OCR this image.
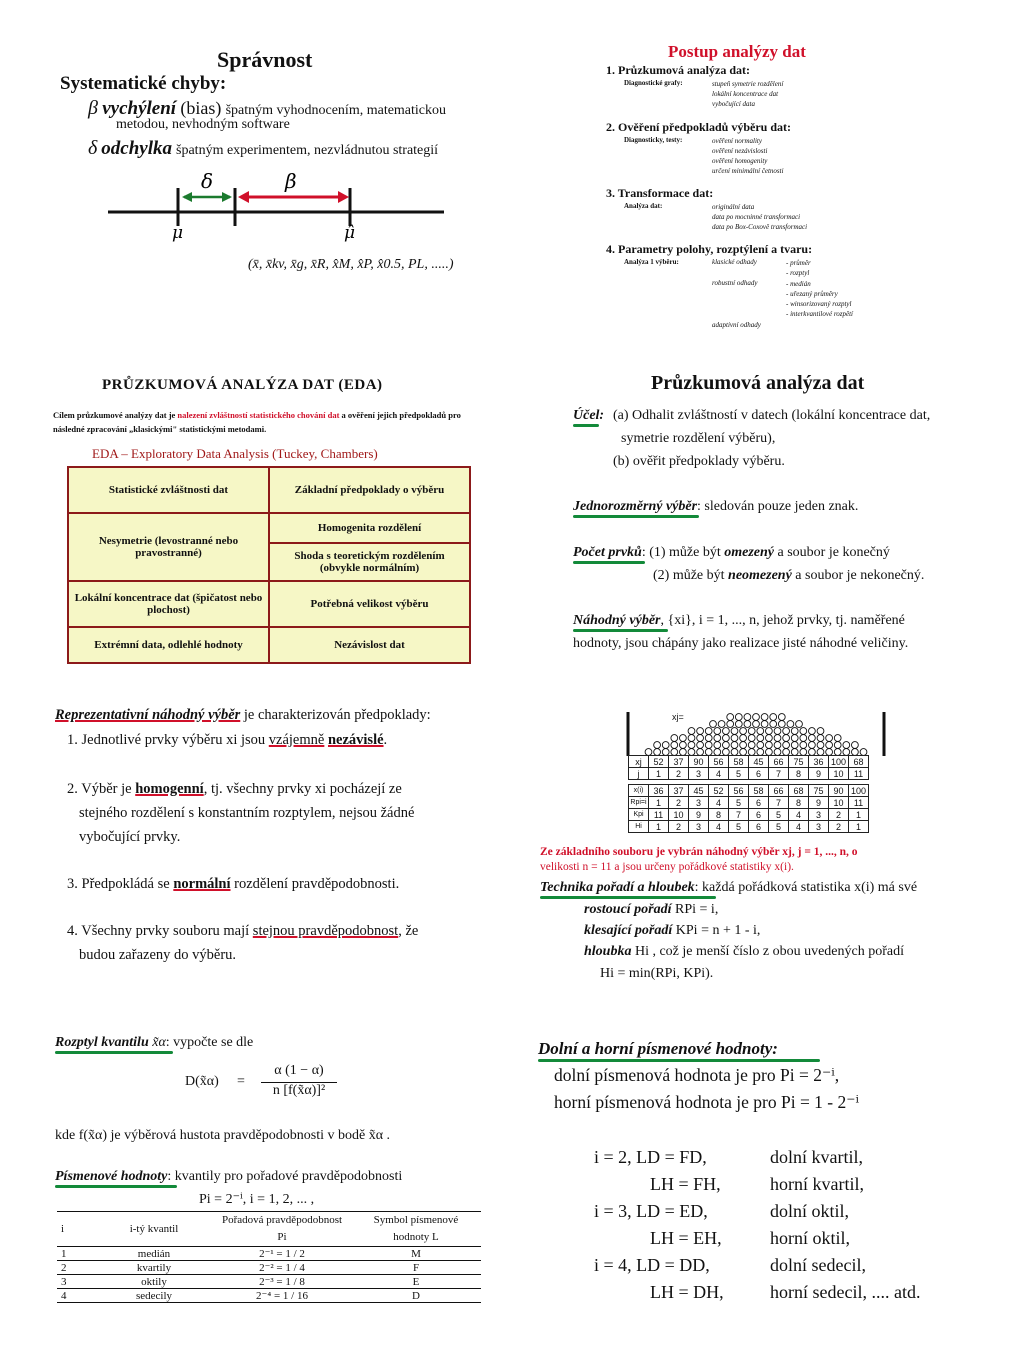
Správnost
Systematické chyby:
β vychýlení (bias) špatným vyhodnocením, matematickou
metodou, nevhodným software
δ odchylka špatným experimentem, nezvládnutou strategií
δ	β
μ	μ̂
(x̄, x̄kv, x̄g, x̄R, x̂M, x̂P, x̂0.5, PL, .....)
Postup analýzy dat
1. Průzkumová analýza dat:
Diagnostické grafy:	stupeň symetrie rozdělení
lokální koncentrace dat
vybočující data
2. Ověření předpokladů výběru dat:
Diagnosticky, testy:	ověření normality
ověření nezávislosti
ověření homogenity
určení minimální četnosti
3. Transformace dat:
Analýza dat:	originální data
data po mocninné transformaci
data po Box-Coxově transformaci
4. Parametry polohy, rozptýlení a tvaru:
Analýza 1 výběru:	klasické odhady	- průměr
- rozptyl
robustní odhady	- medián
- uřezaný průměry
- winsorizovaný rozptyl
- interkvantilové rozpětí
adaptivní odhady
PRŮZKUMOVÁ ANALÝZA DAT (EDA)
Cílem průzkumové analýzy dat je nalezení zvláštností statistického chování dat a ověření jejich předpokladů pro následné zpracování „klasickými" statistickými metodami.
EDA – Exploratory Data Analysis (Tuckey, Chambers)
Statistické zvláštnosti dat	Základní předpoklady o výběru
Nesymetrie (levostranné nebo pravostranné)	Homogenita rozdělení
	Shoda s teoretickým rozdělením (obvykle normálním)
Lokální koncentrace dat (špičatost nebo plochost)	Potřebná velikost výběru
Extrémní data, odlehlé hodnoty	Nezávislost dat
Průzkumová analýza dat
Účel: (a) Odhalit zvláštností v datech (lokální koncentrace dat,
symetrie rozdělení výběru),
(b) ověřit předpoklady výběru.
Jednorozměrný výběr: sledován pouze jeden znak.
Počet prvků: (1) může být omezený a soubor je konečný
(2) může být neomezený a soubor je nekonečný.
Náhodný výběr, {xi}, i = 1, ..., n, jehož prvky, tj. naměřené
hodnoty, jsou chápány jako realizace jisté náhodné veličiny.
Reprezentativní náhodný výběr je charakterizován předpoklady:
1. Jednotlivé prvky výběru xi jsou vzájemně nezávislé.
2. Výběr je homogenní, tj. všechny prvky xi pocházejí ze
stejného rozdělení s konstantním rozptylem, nejsou žádné
vybočující prvky.
3. Předpokládá se normální rozdělení pravděpodobnosti.
4. Všechny prvky souboru mají stejnou pravděpodobnost, že
budou zařazeny do výběru.
xj=
xj	52	37	90	56	58	45	66	75	36	100	68
j	1	2	3	4	5	6	7	8	9	10	11
x(i)	36	37	45	52	56	58	66	68	75	90	100
Rpi=i	1	2	3	4	5	6	7	8	9	10	11
Kpi	11	10	9	8	7	6	5	4	3	2	1
Hi	1	2	3	4	5	6	5	4	3	2	1
Ze základního souboru je vybrán náhodný výběr xj, j = 1, ..., n, o
velikosti n = 11 a jsou určeny pořádkové statistiky x(i).
Technika pořadí a hloubek: každá pořádková statistika x(i) má své
rostoucí pořadí RPi = i,
klesající pořadí KPi = n + 1 - i,
hloubka Hi , což je menší číslo z obou uvedených pořadí
Hi = min(RPi, KPi).
Rozptyl kvantilu x̃α: vypočte se dle
D(x̃α) =
α (1 − α)
n [f(x̃α)]²
kde f(x̃α) je výběrová hustota pravděpodobnosti v bodě x̃α .
Písmenové hodnoty: kvantily pro pořadové pravděpodobnosti
Pi = 2⁻ⁱ, i = 1, 2, ... ,
i	i-tý kvantil	Pořadová pravděpodobnost Pi	Symbol písmenové hodnoty L
1	medián	2⁻¹ = 1 / 2	M
2	kvartily	2⁻² = 1 / 4	F
3	oktily	2⁻³ = 1 / 8	E
4	sedecily	2⁻⁴ = 1 / 16	D
Dolní a horní písmenové hodnoty:
dolní písmenová hodnota je pro Pi = 2⁻ⁱ,
horní písmenová hodnota je pro Pi = 1 - 2⁻ⁱ
i = 2, LD = FD,	dolní kvartil,
LH = FH,	horní kvartil,
i = 3, LD = ED,	dolní oktil,
LH = EH,	horní oktil,
i = 4, LD = DD,	dolní sedecil,
LH = DH,	horní sedecil, .... atd.
